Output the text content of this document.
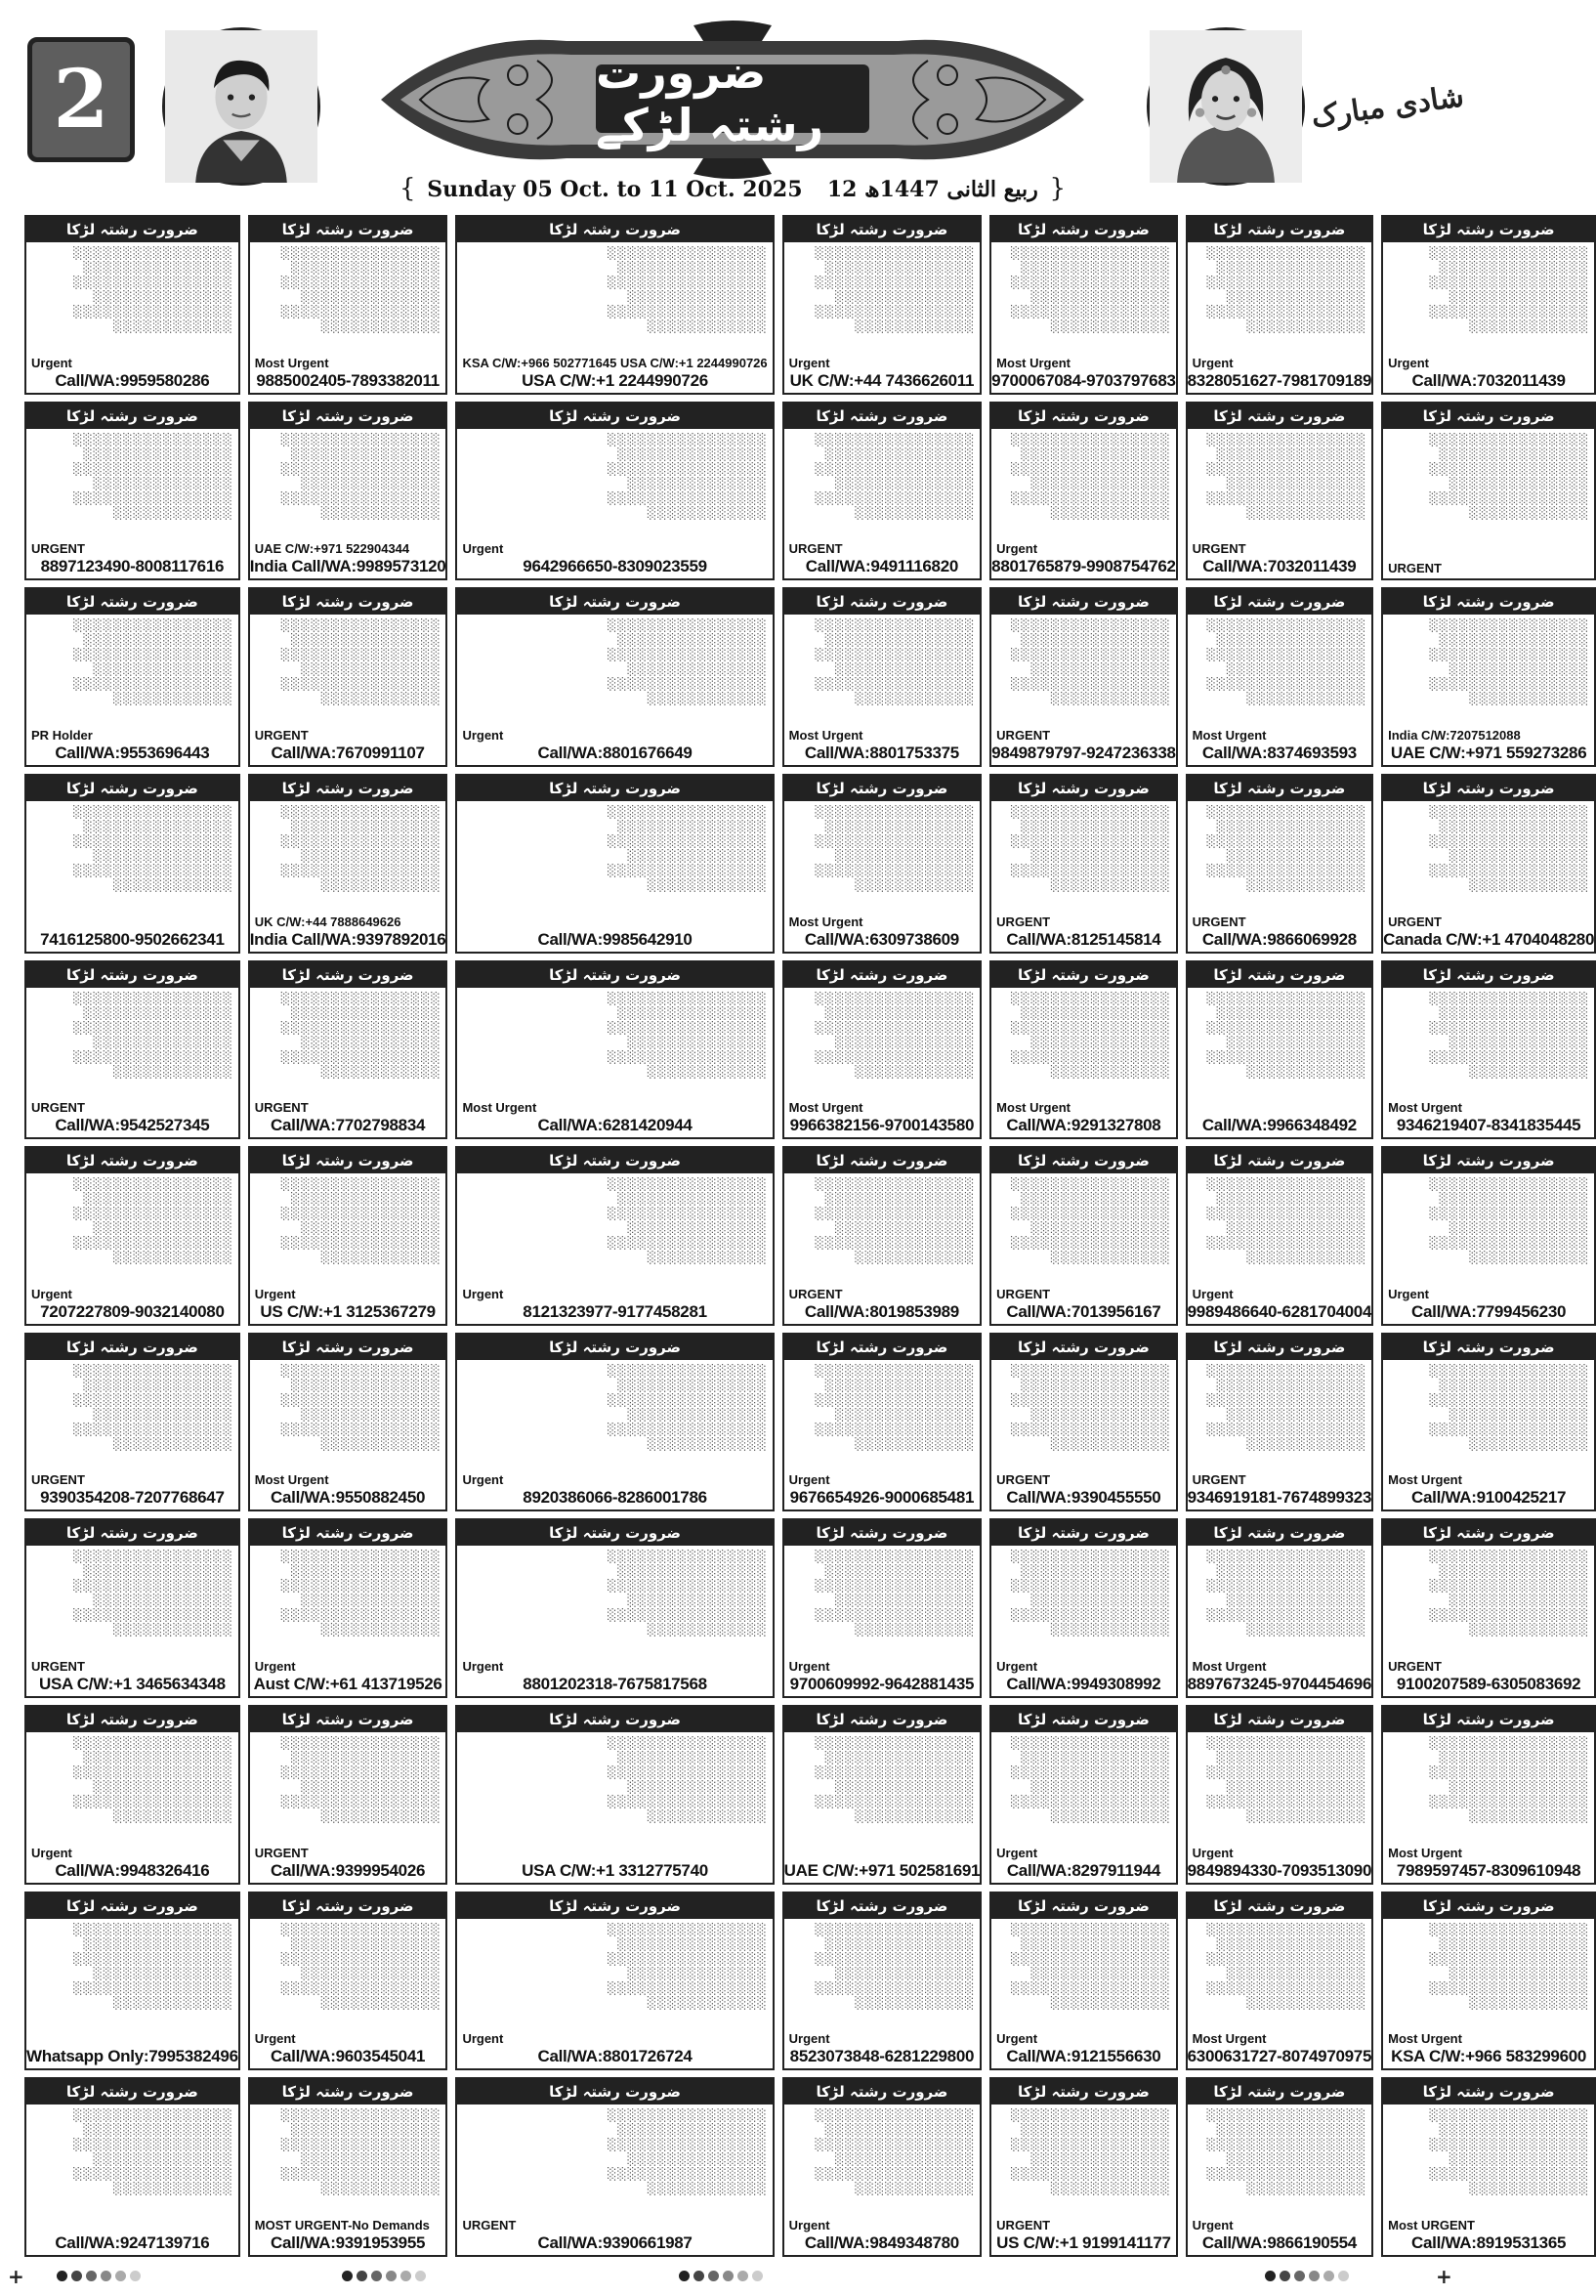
2	ضرورت رشتہ لڑکے	شادی مبارک
{ Sunday 05 Oct. to 11 Oct. 2025 12 ربیع الثانی 1447ھ }
ضرورت رشتہ لڑکا
░░░░░░░░░░░░░░░░
░░░░░░░░░░░░░░░
░░░░░░░░░░░░░░░░
░░░░░░░░░░░░░░
░░░░░░░░░░░░░░░░
░░░░░░░░░░░░
Urgent
Call/WA:9959580286
ضرورت رشتہ لڑکا
░░░░░░░░░░░░░░░░
░░░░░░░░░░░░░░░
░░░░░░░░░░░░░░░░
░░░░░░░░░░░░░░
░░░░░░░░░░░░░░░░
░░░░░░░░░░░░
Most Urgent
9885002405-7893382011
ضرورت رشتہ لڑکا
░░░░░░░░░░░░░░░░
░░░░░░░░░░░░░░░
░░░░░░░░░░░░░░░░
░░░░░░░░░░░░░░
░░░░░░░░░░░░░░░░
░░░░░░░░░░░░
KSA C/W:+966 502771645 USA C/W:+1 2244990726
USA C/W:+1 2244990726
ضرورت رشتہ لڑکا
░░░░░░░░░░░░░░░░
░░░░░░░░░░░░░░░
░░░░░░░░░░░░░░░░
░░░░░░░░░░░░░░
░░░░░░░░░░░░░░░░
░░░░░░░░░░░░
Urgent
UK C/W:+44 7436626011
ضرورت رشتہ لڑکا
░░░░░░░░░░░░░░░░
░░░░░░░░░░░░░░░
░░░░░░░░░░░░░░░░
░░░░░░░░░░░░░░
░░░░░░░░░░░░░░░░
░░░░░░░░░░░░
Most Urgent
9700067084-9703797683
ضرورت رشتہ لڑکا
░░░░░░░░░░░░░░░░
░░░░░░░░░░░░░░░
░░░░░░░░░░░░░░░░
░░░░░░░░░░░░░░
░░░░░░░░░░░░░░░░
░░░░░░░░░░░░
Urgent
8328051627-7981709189
ضرورت رشتہ لڑکا
░░░░░░░░░░░░░░░░
░░░░░░░░░░░░░░░
░░░░░░░░░░░░░░░░
░░░░░░░░░░░░░░
░░░░░░░░░░░░░░░░
░░░░░░░░░░░░
Urgent
Call/WA:7032011439
ضرورت رشتہ لڑکا
░░░░░░░░░░░░░░░░
░░░░░░░░░░░░░░░
░░░░░░░░░░░░░░░░
░░░░░░░░░░░░░░
░░░░░░░░░░░░░░░░
░░░░░░░░░░░░
URGENT
8897123490-8008117616
ضرورت رشتہ لڑکا
░░░░░░░░░░░░░░░░
░░░░░░░░░░░░░░░
░░░░░░░░░░░░░░░░
░░░░░░░░░░░░░░
░░░░░░░░░░░░░░░░
░░░░░░░░░░░░
UAE C/W:+971 522904344
India Call/WA:9989573120
ضرورت رشتہ لڑکا
░░░░░░░░░░░░░░░░
░░░░░░░░░░░░░░░
░░░░░░░░░░░░░░░░
░░░░░░░░░░░░░░
░░░░░░░░░░░░░░░░
░░░░░░░░░░░░
Urgent
9642966650-8309023559
ضرورت رشتہ لڑکا
░░░░░░░░░░░░░░░░
░░░░░░░░░░░░░░░
░░░░░░░░░░░░░░░░
░░░░░░░░░░░░░░
░░░░░░░░░░░░░░░░
░░░░░░░░░░░░
URGENT
Call/WA:9491116820
ضرورت رشتہ لڑکا
░░░░░░░░░░░░░░░░
░░░░░░░░░░░░░░░
░░░░░░░░░░░░░░░░
░░░░░░░░░░░░░░
░░░░░░░░░░░░░░░░
░░░░░░░░░░░░
Urgent
8801765879-9908754762
ضرورت رشتہ لڑکا
░░░░░░░░░░░░░░░░
░░░░░░░░░░░░░░░
░░░░░░░░░░░░░░░░
░░░░░░░░░░░░░░
░░░░░░░░░░░░░░░░
░░░░░░░░░░░░
URGENT
Call/WA:7032011439
ضرورت رشتہ لڑکا
░░░░░░░░░░░░░░░░
░░░░░░░░░░░░░░░
░░░░░░░░░░░░░░░░
░░░░░░░░░░░░░░
░░░░░░░░░░░░░░░░
░░░░░░░░░░░░
URGENT
ضرورت رشتہ لڑکا
░░░░░░░░░░░░░░░░
░░░░░░░░░░░░░░░
░░░░░░░░░░░░░░░░
░░░░░░░░░░░░░░
░░░░░░░░░░░░░░░░
░░░░░░░░░░░░
PR Holder
Call/WA:9553696443
ضرورت رشتہ لڑکا
░░░░░░░░░░░░░░░░
░░░░░░░░░░░░░░░
░░░░░░░░░░░░░░░░
░░░░░░░░░░░░░░
░░░░░░░░░░░░░░░░
░░░░░░░░░░░░
URGENT
Call/WA:7670991107
ضرورت رشتہ لڑکا
░░░░░░░░░░░░░░░░
░░░░░░░░░░░░░░░
░░░░░░░░░░░░░░░░
░░░░░░░░░░░░░░
░░░░░░░░░░░░░░░░
░░░░░░░░░░░░
Urgent
Call/WA:8801676649
ضرورت رشتہ لڑکا
░░░░░░░░░░░░░░░░
░░░░░░░░░░░░░░░
░░░░░░░░░░░░░░░░
░░░░░░░░░░░░░░
░░░░░░░░░░░░░░░░
░░░░░░░░░░░░
Most Urgent
Call/WA:8801753375
ضرورت رشتہ لڑکا
░░░░░░░░░░░░░░░░
░░░░░░░░░░░░░░░
░░░░░░░░░░░░░░░░
░░░░░░░░░░░░░░
░░░░░░░░░░░░░░░░
░░░░░░░░░░░░
URGENT
9849879797-9247236338
ضرورت رشتہ لڑکا
░░░░░░░░░░░░░░░░
░░░░░░░░░░░░░░░
░░░░░░░░░░░░░░░░
░░░░░░░░░░░░░░
░░░░░░░░░░░░░░░░
░░░░░░░░░░░░
Most Urgent
Call/WA:8374693593
ضرورت رشتہ لڑکا
░░░░░░░░░░░░░░░░
░░░░░░░░░░░░░░░
░░░░░░░░░░░░░░░░
░░░░░░░░░░░░░░
░░░░░░░░░░░░░░░░
░░░░░░░░░░░░
India C/W:7207512088
UAE C/W:+971 559273286
ضرورت رشتہ لڑکا
░░░░░░░░░░░░░░░░
░░░░░░░░░░░░░░░
░░░░░░░░░░░░░░░░
░░░░░░░░░░░░░░
░░░░░░░░░░░░░░░░
░░░░░░░░░░░░
7416125800-9502662341
ضرورت رشتہ لڑکا
░░░░░░░░░░░░░░░░
░░░░░░░░░░░░░░░
░░░░░░░░░░░░░░░░
░░░░░░░░░░░░░░
░░░░░░░░░░░░░░░░
░░░░░░░░░░░░
UK C/W:+44 7888649626
India Call/WA:9397892016
ضرورت رشتہ لڑکا
░░░░░░░░░░░░░░░░
░░░░░░░░░░░░░░░
░░░░░░░░░░░░░░░░
░░░░░░░░░░░░░░
░░░░░░░░░░░░░░░░
░░░░░░░░░░░░
Call/WA:9985642910
ضرورت رشتہ لڑکا
░░░░░░░░░░░░░░░░
░░░░░░░░░░░░░░░
░░░░░░░░░░░░░░░░
░░░░░░░░░░░░░░
░░░░░░░░░░░░░░░░
░░░░░░░░░░░░
Most Urgent
Call/WA:6309738609
ضرورت رشتہ لڑکا
░░░░░░░░░░░░░░░░
░░░░░░░░░░░░░░░
░░░░░░░░░░░░░░░░
░░░░░░░░░░░░░░
░░░░░░░░░░░░░░░░
░░░░░░░░░░░░
URGENT
Call/WA:8125145814
ضرورت رشتہ لڑکا
░░░░░░░░░░░░░░░░
░░░░░░░░░░░░░░░
░░░░░░░░░░░░░░░░
░░░░░░░░░░░░░░
░░░░░░░░░░░░░░░░
░░░░░░░░░░░░
URGENT
Call/WA:9866069928
ضرورت رشتہ لڑکا
░░░░░░░░░░░░░░░░
░░░░░░░░░░░░░░░
░░░░░░░░░░░░░░░░
░░░░░░░░░░░░░░
░░░░░░░░░░░░░░░░
░░░░░░░░░░░░
URGENT
Canada C/W:+1 4704048280
ضرورت رشتہ لڑکا
░░░░░░░░░░░░░░░░
░░░░░░░░░░░░░░░
░░░░░░░░░░░░░░░░
░░░░░░░░░░░░░░
░░░░░░░░░░░░░░░░
░░░░░░░░░░░░
URGENT
Call/WA:9542527345
ضرورت رشتہ لڑکا
░░░░░░░░░░░░░░░░
░░░░░░░░░░░░░░░
░░░░░░░░░░░░░░░░
░░░░░░░░░░░░░░
░░░░░░░░░░░░░░░░
░░░░░░░░░░░░
URGENT
Call/WA:7702798834
ضرورت رشتہ لڑکا
░░░░░░░░░░░░░░░░
░░░░░░░░░░░░░░░
░░░░░░░░░░░░░░░░
░░░░░░░░░░░░░░
░░░░░░░░░░░░░░░░
░░░░░░░░░░░░
Most Urgent
Call/WA:6281420944
ضرورت رشتہ لڑکا
░░░░░░░░░░░░░░░░
░░░░░░░░░░░░░░░
░░░░░░░░░░░░░░░░
░░░░░░░░░░░░░░
░░░░░░░░░░░░░░░░
░░░░░░░░░░░░
Most Urgent
9966382156-9700143580
ضرورت رشتہ لڑکا
░░░░░░░░░░░░░░░░
░░░░░░░░░░░░░░░
░░░░░░░░░░░░░░░░
░░░░░░░░░░░░░░
░░░░░░░░░░░░░░░░
░░░░░░░░░░░░
Most Urgent
Call/WA:9291327808
ضرورت رشتہ لڑکا
░░░░░░░░░░░░░░░░
░░░░░░░░░░░░░░░
░░░░░░░░░░░░░░░░
░░░░░░░░░░░░░░
░░░░░░░░░░░░░░░░
░░░░░░░░░░░░
Call/WA:9966348492
ضرورت رشتہ لڑکا
░░░░░░░░░░░░░░░░
░░░░░░░░░░░░░░░
░░░░░░░░░░░░░░░░
░░░░░░░░░░░░░░
░░░░░░░░░░░░░░░░
░░░░░░░░░░░░
Most Urgent
9346219407-8341835445
ضرورت رشتہ لڑکا
░░░░░░░░░░░░░░░░
░░░░░░░░░░░░░░░
░░░░░░░░░░░░░░░░
░░░░░░░░░░░░░░
░░░░░░░░░░░░░░░░
░░░░░░░░░░░░
Urgent
7207227809-9032140080
ضرورت رشتہ لڑکا
░░░░░░░░░░░░░░░░
░░░░░░░░░░░░░░░
░░░░░░░░░░░░░░░░
░░░░░░░░░░░░░░
░░░░░░░░░░░░░░░░
░░░░░░░░░░░░
Urgent
US C/W:+1 3125367279
ضرورت رشتہ لڑکا
░░░░░░░░░░░░░░░░
░░░░░░░░░░░░░░░
░░░░░░░░░░░░░░░░
░░░░░░░░░░░░░░
░░░░░░░░░░░░░░░░
░░░░░░░░░░░░
Urgent
8121323977-9177458281
ضرورت رشتہ لڑکا
░░░░░░░░░░░░░░░░
░░░░░░░░░░░░░░░
░░░░░░░░░░░░░░░░
░░░░░░░░░░░░░░
░░░░░░░░░░░░░░░░
░░░░░░░░░░░░
URGENT
Call/WA:8019853989
ضرورت رشتہ لڑکا
░░░░░░░░░░░░░░░░
░░░░░░░░░░░░░░░
░░░░░░░░░░░░░░░░
░░░░░░░░░░░░░░
░░░░░░░░░░░░░░░░
░░░░░░░░░░░░
URGENT
Call/WA:7013956167
ضرورت رشتہ لڑکا
░░░░░░░░░░░░░░░░
░░░░░░░░░░░░░░░
░░░░░░░░░░░░░░░░
░░░░░░░░░░░░░░
░░░░░░░░░░░░░░░░
░░░░░░░░░░░░
Urgent
9989486640-6281704004
ضرورت رشتہ لڑکا
░░░░░░░░░░░░░░░░
░░░░░░░░░░░░░░░
░░░░░░░░░░░░░░░░
░░░░░░░░░░░░░░
░░░░░░░░░░░░░░░░
░░░░░░░░░░░░
Urgent
Call/WA:7799456230
ضرورت رشتہ لڑکا
░░░░░░░░░░░░░░░░
░░░░░░░░░░░░░░░
░░░░░░░░░░░░░░░░
░░░░░░░░░░░░░░
░░░░░░░░░░░░░░░░
░░░░░░░░░░░░
URGENT
9390354208-7207768647
ضرورت رشتہ لڑکا
░░░░░░░░░░░░░░░░
░░░░░░░░░░░░░░░
░░░░░░░░░░░░░░░░
░░░░░░░░░░░░░░
░░░░░░░░░░░░░░░░
░░░░░░░░░░░░
Most Urgent
Call/WA:9550882450
ضرورت رشتہ لڑکا
░░░░░░░░░░░░░░░░
░░░░░░░░░░░░░░░
░░░░░░░░░░░░░░░░
░░░░░░░░░░░░░░
░░░░░░░░░░░░░░░░
░░░░░░░░░░░░
Urgent
8920386066-8286001786
ضرورت رشتہ لڑکا
░░░░░░░░░░░░░░░░
░░░░░░░░░░░░░░░
░░░░░░░░░░░░░░░░
░░░░░░░░░░░░░░
░░░░░░░░░░░░░░░░
░░░░░░░░░░░░
Urgent
9676654926-9000685481
ضرورت رشتہ لڑکا
░░░░░░░░░░░░░░░░
░░░░░░░░░░░░░░░
░░░░░░░░░░░░░░░░
░░░░░░░░░░░░░░
░░░░░░░░░░░░░░░░
░░░░░░░░░░░░
URGENT
Call/WA:9390455550
ضرورت رشتہ لڑکا
░░░░░░░░░░░░░░░░
░░░░░░░░░░░░░░░
░░░░░░░░░░░░░░░░
░░░░░░░░░░░░░░
░░░░░░░░░░░░░░░░
░░░░░░░░░░░░
URGENT
9346919181-7674899323
ضرورت رشتہ لڑکا
░░░░░░░░░░░░░░░░
░░░░░░░░░░░░░░░
░░░░░░░░░░░░░░░░
░░░░░░░░░░░░░░
░░░░░░░░░░░░░░░░
░░░░░░░░░░░░
Most Urgent
Call/WA:9100425217
ضرورت رشتہ لڑکا
░░░░░░░░░░░░░░░░
░░░░░░░░░░░░░░░
░░░░░░░░░░░░░░░░
░░░░░░░░░░░░░░
░░░░░░░░░░░░░░░░
░░░░░░░░░░░░
URGENT
USA C/W:+1 3465634348
ضرورت رشتہ لڑکا
░░░░░░░░░░░░░░░░
░░░░░░░░░░░░░░░
░░░░░░░░░░░░░░░░
░░░░░░░░░░░░░░
░░░░░░░░░░░░░░░░
░░░░░░░░░░░░
Urgent
Aust C/W:+61 413719526
ضرورت رشتہ لڑکا
░░░░░░░░░░░░░░░░
░░░░░░░░░░░░░░░
░░░░░░░░░░░░░░░░
░░░░░░░░░░░░░░
░░░░░░░░░░░░░░░░
░░░░░░░░░░░░
Urgent
8801202318-7675817568
ضرورت رشتہ لڑکا
░░░░░░░░░░░░░░░░
░░░░░░░░░░░░░░░
░░░░░░░░░░░░░░░░
░░░░░░░░░░░░░░
░░░░░░░░░░░░░░░░
░░░░░░░░░░░░
Urgent
9700609992-9642881435
ضرورت رشتہ لڑکا
░░░░░░░░░░░░░░░░
░░░░░░░░░░░░░░░
░░░░░░░░░░░░░░░░
░░░░░░░░░░░░░░
░░░░░░░░░░░░░░░░
░░░░░░░░░░░░
Urgent
Call/WA:9949308992
ضرورت رشتہ لڑکا
░░░░░░░░░░░░░░░░
░░░░░░░░░░░░░░░
░░░░░░░░░░░░░░░░
░░░░░░░░░░░░░░
░░░░░░░░░░░░░░░░
░░░░░░░░░░░░
Most Urgent
8897673245-9704454696
ضرورت رشتہ لڑکا
░░░░░░░░░░░░░░░░
░░░░░░░░░░░░░░░
░░░░░░░░░░░░░░░░
░░░░░░░░░░░░░░
░░░░░░░░░░░░░░░░
░░░░░░░░░░░░
URGENT
9100207589-6305083692
ضرورت رشتہ لڑکا
░░░░░░░░░░░░░░░░
░░░░░░░░░░░░░░░
░░░░░░░░░░░░░░░░
░░░░░░░░░░░░░░
░░░░░░░░░░░░░░░░
░░░░░░░░░░░░
Urgent
Call/WA:9948326416
ضرورت رشتہ لڑکا
░░░░░░░░░░░░░░░░
░░░░░░░░░░░░░░░
░░░░░░░░░░░░░░░░
░░░░░░░░░░░░░░
░░░░░░░░░░░░░░░░
░░░░░░░░░░░░
URGENT
Call/WA:9399954026
ضرورت رشتہ لڑکا
░░░░░░░░░░░░░░░░
░░░░░░░░░░░░░░░
░░░░░░░░░░░░░░░░
░░░░░░░░░░░░░░
░░░░░░░░░░░░░░░░
░░░░░░░░░░░░
USA C/W:+1 3312775740
ضرورت رشتہ لڑکا
░░░░░░░░░░░░░░░░
░░░░░░░░░░░░░░░
░░░░░░░░░░░░░░░░
░░░░░░░░░░░░░░
░░░░░░░░░░░░░░░░
░░░░░░░░░░░░
UAE C/W:+971 502581691
ضرورت رشتہ لڑکا
░░░░░░░░░░░░░░░░
░░░░░░░░░░░░░░░
░░░░░░░░░░░░░░░░
░░░░░░░░░░░░░░
░░░░░░░░░░░░░░░░
░░░░░░░░░░░░
Urgent
Call/WA:8297911944
ضرورت رشتہ لڑکا
░░░░░░░░░░░░░░░░
░░░░░░░░░░░░░░░
░░░░░░░░░░░░░░░░
░░░░░░░░░░░░░░
░░░░░░░░░░░░░░░░
░░░░░░░░░░░░
Urgent
9849894330-7093513090
ضرورت رشتہ لڑکا
░░░░░░░░░░░░░░░░
░░░░░░░░░░░░░░░
░░░░░░░░░░░░░░░░
░░░░░░░░░░░░░░
░░░░░░░░░░░░░░░░
░░░░░░░░░░░░
Most Urgent
7989597457-8309610948
ضرورت رشتہ لڑکا
░░░░░░░░░░░░░░░░
░░░░░░░░░░░░░░░
░░░░░░░░░░░░░░░░
░░░░░░░░░░░░░░
░░░░░░░░░░░░░░░░
░░░░░░░░░░░░
Whatsapp Only:7995382496
ضرورت رشتہ لڑکا
░░░░░░░░░░░░░░░░
░░░░░░░░░░░░░░░
░░░░░░░░░░░░░░░░
░░░░░░░░░░░░░░
░░░░░░░░░░░░░░░░
░░░░░░░░░░░░
Urgent
Call/WA:9603545041
ضرورت رشتہ لڑکا
░░░░░░░░░░░░░░░░
░░░░░░░░░░░░░░░
░░░░░░░░░░░░░░░░
░░░░░░░░░░░░░░
░░░░░░░░░░░░░░░░
░░░░░░░░░░░░
Urgent
Call/WA:8801726724
ضرورت رشتہ لڑکا
░░░░░░░░░░░░░░░░
░░░░░░░░░░░░░░░
░░░░░░░░░░░░░░░░
░░░░░░░░░░░░░░
░░░░░░░░░░░░░░░░
░░░░░░░░░░░░
Urgent
8523073848-6281229800
ضرورت رشتہ لڑکا
░░░░░░░░░░░░░░░░
░░░░░░░░░░░░░░░
░░░░░░░░░░░░░░░░
░░░░░░░░░░░░░░
░░░░░░░░░░░░░░░░
░░░░░░░░░░░░
Urgent
Call/WA:9121556630
ضرورت رشتہ لڑکا
░░░░░░░░░░░░░░░░
░░░░░░░░░░░░░░░
░░░░░░░░░░░░░░░░
░░░░░░░░░░░░░░
░░░░░░░░░░░░░░░░
░░░░░░░░░░░░
Most Urgent
6300631727-8074970975
ضرورت رشتہ لڑکا
░░░░░░░░░░░░░░░░
░░░░░░░░░░░░░░░
░░░░░░░░░░░░░░░░
░░░░░░░░░░░░░░
░░░░░░░░░░░░░░░░
░░░░░░░░░░░░
Most Urgent
KSA C/W:+966 583299600
ضرورت رشتہ لڑکا
░░░░░░░░░░░░░░░░
░░░░░░░░░░░░░░░
░░░░░░░░░░░░░░░░
░░░░░░░░░░░░░░
░░░░░░░░░░░░░░░░
░░░░░░░░░░░░
Call/WA:9247139716
ضرورت رشتہ لڑکا
░░░░░░░░░░░░░░░░
░░░░░░░░░░░░░░░
░░░░░░░░░░░░░░░░
░░░░░░░░░░░░░░
░░░░░░░░░░░░░░░░
░░░░░░░░░░░░
MOST URGENT-No Demands
Call/WA:9391953955
ضرورت رشتہ لڑکا
░░░░░░░░░░░░░░░░
░░░░░░░░░░░░░░░
░░░░░░░░░░░░░░░░
░░░░░░░░░░░░░░
░░░░░░░░░░░░░░░░
░░░░░░░░░░░░
URGENT
Call/WA:9390661987
ضرورت رشتہ لڑکا
░░░░░░░░░░░░░░░░
░░░░░░░░░░░░░░░
░░░░░░░░░░░░░░░░
░░░░░░░░░░░░░░
░░░░░░░░░░░░░░░░
░░░░░░░░░░░░
Urgent
Call/WA:9849348780
ضرورت رشتہ لڑکا
░░░░░░░░░░░░░░░░
░░░░░░░░░░░░░░░
░░░░░░░░░░░░░░░░
░░░░░░░░░░░░░░
░░░░░░░░░░░░░░░░
░░░░░░░░░░░░
URGENT
US C/W:+1 9199141177
ضرورت رشتہ لڑکا
░░░░░░░░░░░░░░░░
░░░░░░░░░░░░░░░
░░░░░░░░░░░░░░░░
░░░░░░░░░░░░░░
░░░░░░░░░░░░░░░░
░░░░░░░░░░░░
Urgent
Call/WA:9866190554
ضرورت رشتہ لڑکا
░░░░░░░░░░░░░░░░
░░░░░░░░░░░░░░░
░░░░░░░░░░░░░░░░
░░░░░░░░░░░░░░
░░░░░░░░░░░░░░░░
░░░░░░░░░░░░
Most URGENT
Call/WA:8919531365
+	+
